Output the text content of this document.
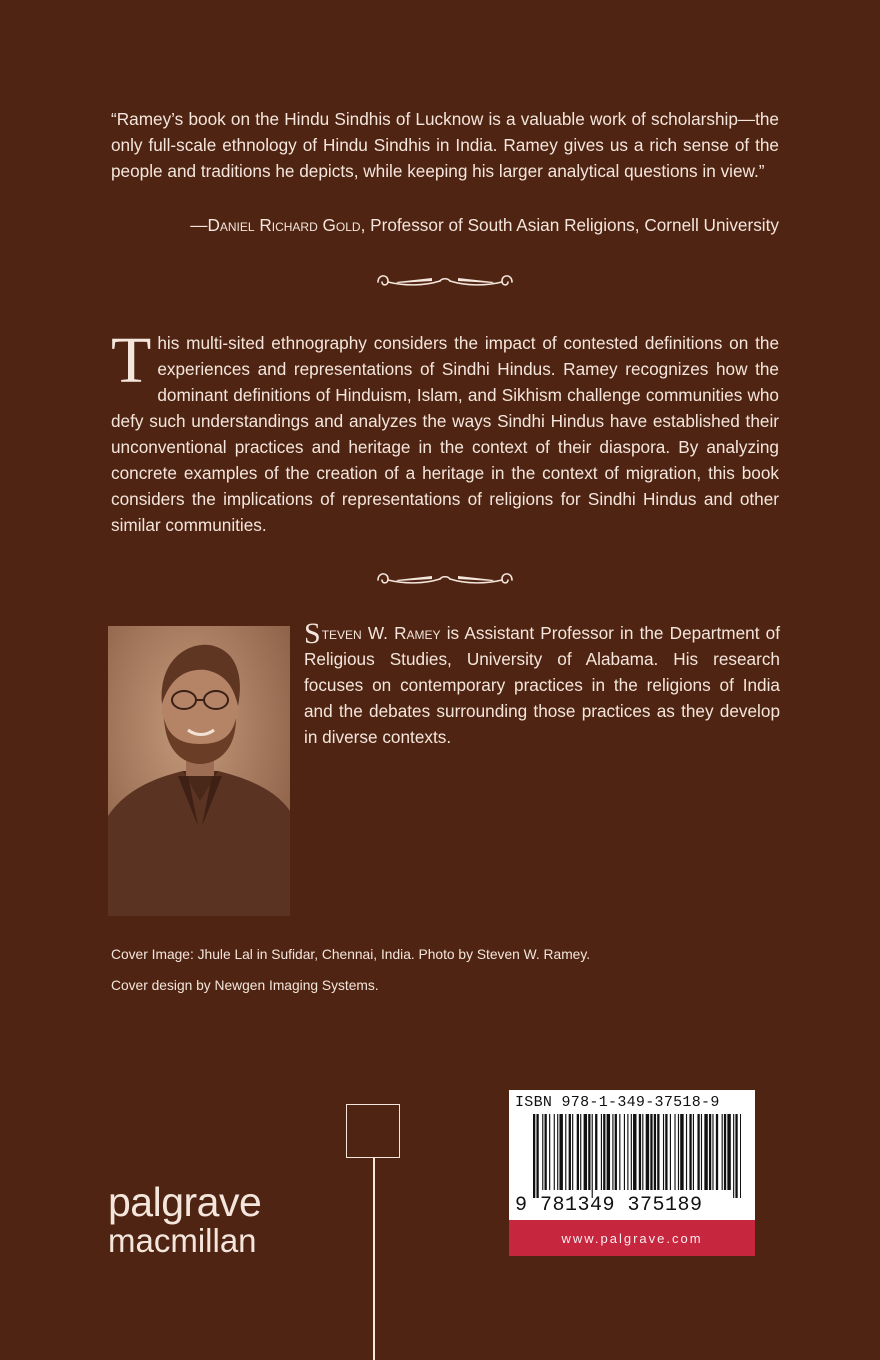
“Ramey’s book on the Hindu Sindhis of Lucknow is a valuable work of scholarship—the only full-scale ethnology of Hindu Sindhis in India. Ramey gives us a rich sense of the people and traditions he depicts, while keeping his larger analytical questions in view.”
—Daniel Richard Gold, Professor of South Asian Religions, Cornell University
This multi-sited ethnography considers the impact of contested definitions on the experiences and representations of Sindhi Hindus. Ramey recognizes how the dominant definitions of Hinduism, Islam, and Sikhism challenge communities who defy such understandings and analyzes the ways Sindhi Hindus have established their unconventional practices and heritage in the context of their diaspora. By analyzing concrete examples of the creation of a heritage in the context of migration, this book considers the implications of representations of religions for Sindhi Hindus and other similar communities.
Steven W. Ramey is Assistant Professor in the Department of Religious Studies, University of Alabama. His research focuses on contemporary practices in the religions of India and the debates surrounding those practices as they develop in diverse contexts.
Cover Image: Jhule Lal in Sufidar, Chennai, India. Photo by Steven W. Ramey.
Cover design by Newgen Imaging Systems.
palgrave
macmillan
ISBN 978-1-349-37518-9
9 781349 375189
www.palgrave.com
